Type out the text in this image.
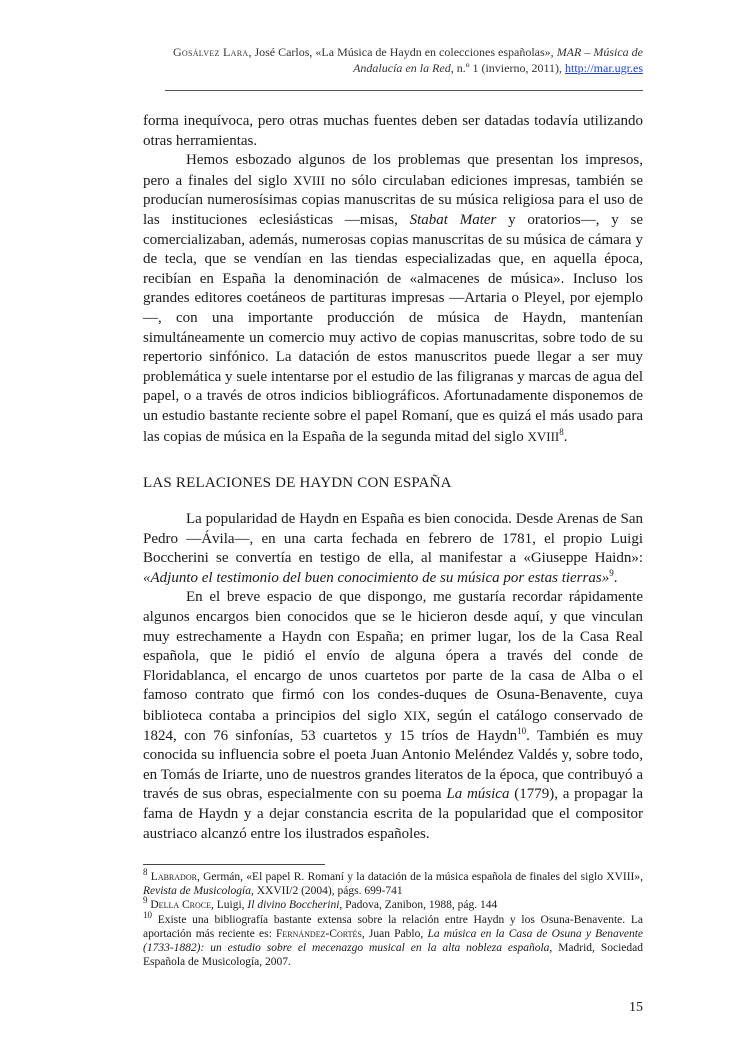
Gosálvez Lara, José Carlos, «La Música de Haydn en colecciones españolas», MAR – Música de Andalucía en la Red, n.º 1 (invierno, 2011), http://mar.ugr.es

forma inequívoca, pero otras muchas fuentes deben ser datadas todavía utilizando otras herramientas.

Hemos esbozado algunos de los problemas que presentan los impresos, pero a finales del siglo XVIII no sólo circulaban ediciones impresas, también se producían numerosísimas copias manuscritas de su música religiosa para el uso de las instituciones eclesiásticas —misas, Stabat Mater y oratorios—, y se comercializaban, además, numerosas copias manuscritas de su música de cámara y de tecla, que se vendían en las tiendas especializadas que, en aquella época, recibían en España la denominación de «almacenes de música». Incluso los grandes editores coetáneos de partituras impresas —Artaria o Pleyel, por ejemplo—, con una importante producción de música de Haydn, mantenían simultáneamente un comercio muy activo de copias manuscritas, sobre todo de su repertorio sinfónico. La datación de estos manuscritos puede llegar a ser muy problemática y suele intentarse por el estudio de las filigranas y marcas de agua del papel, o a través de otros indicios bibliográficos. Afortunadamente disponemos de un estudio bastante reciente sobre el papel Romaní, que es quizá el más usado para las copias de música en la España de la segunda mitad del siglo XVIII$^8$.

LAS RELACIONES DE HAYDN CON ESPAÑA

La popularidad de Haydn en España es bien conocida. Desde Arenas de San Pedro —Ávila—, en una carta fechada en febrero de 1781, el propio Luigi Boccherini se convertía en testigo de ella, al manifestar a «Giuseppe Haidn»: «Adjunto el testimonio del buen conocimiento de su música por estas tierras»$^9$.

En el breve espacio de que dispongo, me gustaría recordar rápidamente algunos encargos bien conocidos que se le hicieron desde aquí, y que vinculan muy estrechamente a Haydn con España; en primer lugar, los de la Casa Real española, que le pidió el envío de alguna ópera a través del conde de Floridablanca, el encargo de unos cuartetos por parte de la casa de Alba o el famoso contrato que firmó con los condes-duques de Osuna-Benavente, cuya biblioteca contaba a principios del siglo XIX, según el catálogo conservado de 1824, con 76 sinfonías, 53 cuartetos y 15 tríos de Haydn$^{10}$. También es muy conocida su influencia sobre el poeta Juan Antonio Meléndez Valdés y, sobre todo, en Tomás de Iriarte, uno de nuestros grandes literatos de la época, que contribuyó a través de sus obras, especialmente con su poema La música (1779), a propagar la fama de Haydn y a dejar constancia escrita de la popularidad que el compositor austriaco alcanzó entre los ilustrados españoles.

$^8$ Labrador, Germán, «El papel R. Romaní y la datación de la música española de finales del siglo XVIII», Revista de Musicología, XXVII/2 (2004), págs. 699-741

$^9$ Della Croce, Luigi, Il divino Boccherini, Padova, Zanibon, 1988, pág. 144

$^{10}$ Existe una bibliografía bastante extensa sobre la relación entre Haydn y los Osuna-Benavente. La aportación más reciente es: Fernández-Cortés, Juan Pablo, La música en la Casa de Osuna y Benavente (1733-1882): un estudio sobre el mecenazgo musical en la alta nobleza española, Madrid, Sociedad Española de Musicología, 2007.

15
